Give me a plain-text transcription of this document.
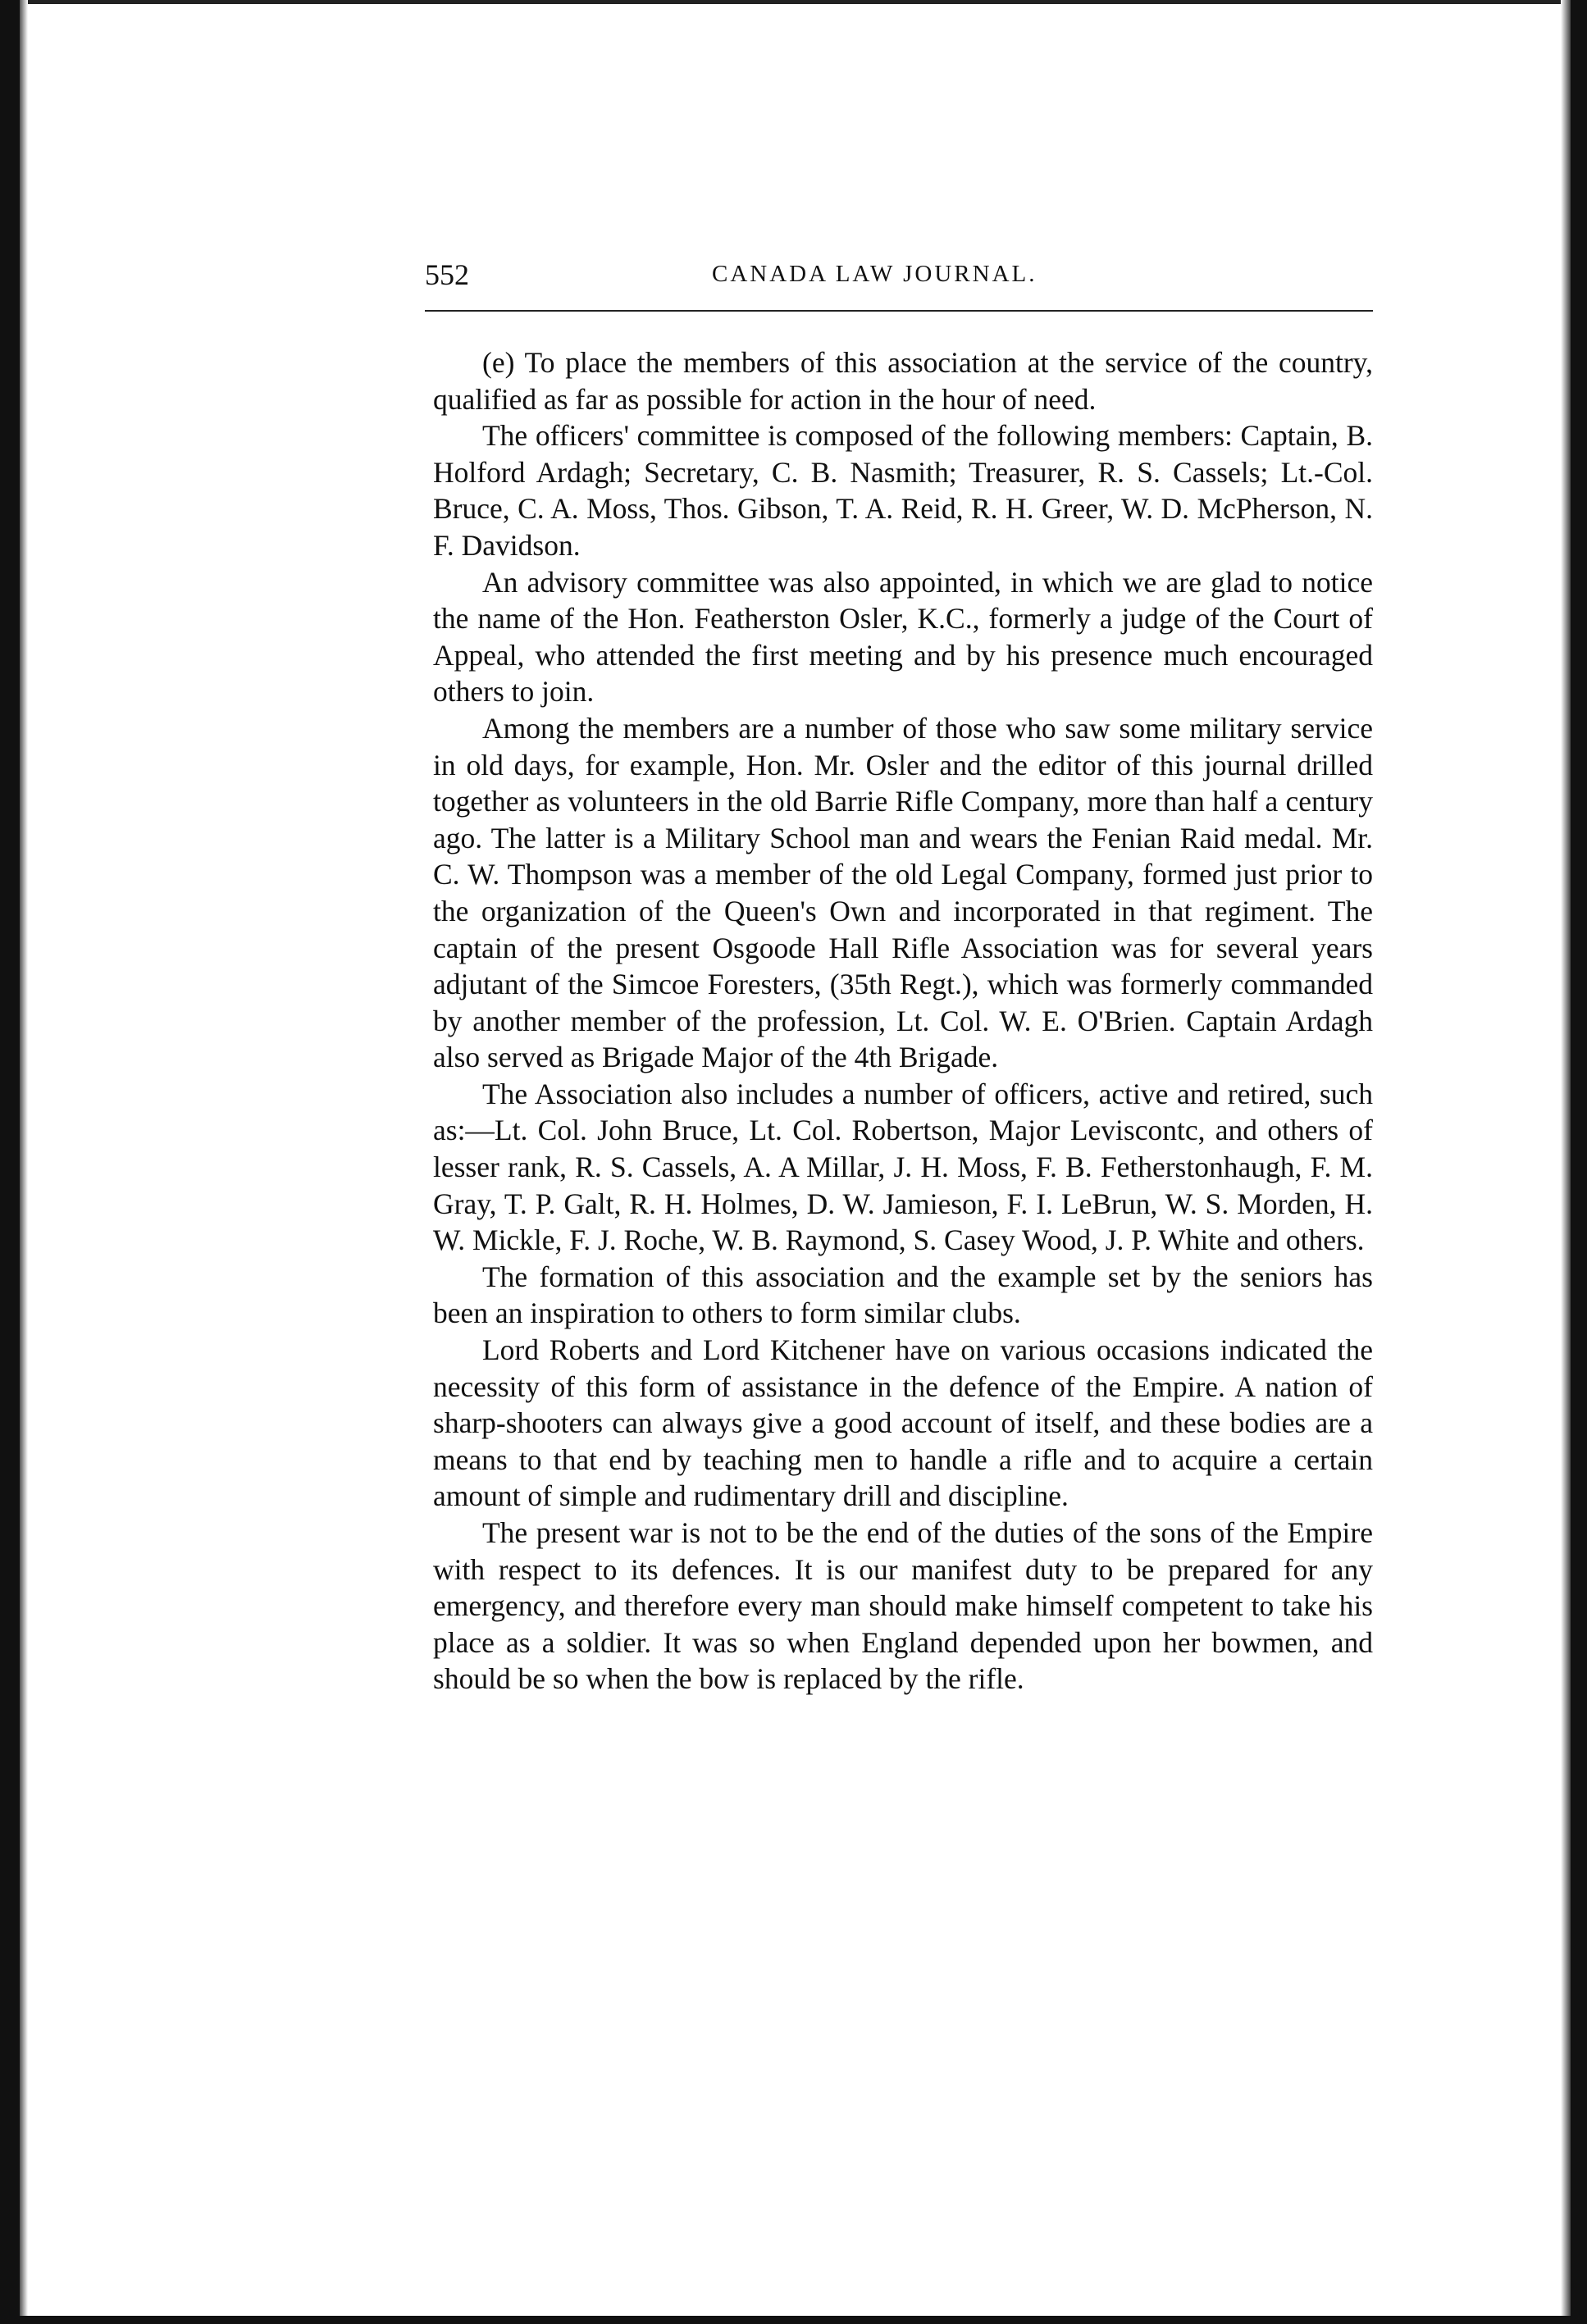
552	CANADA LAW JOURNAL.

(e) To place the members of this association at the service of the country, qualified as far as possible for action in the hour of need.

The officers' committee is composed of the following members: Captain, B. Holford Ardagh; Secretary, C. B. Nasmith; Treasurer, R. S. Cassels; Lt.-Col. Bruce, C. A. Moss, Thos. Gibson, T. A. Reid, R. H. Greer, W. D. McPherson, N. F. Davidson.

An advisory committee was also appointed, in which we are glad to notice the name of the Hon. Featherston Osler, K.C., formerly a judge of the Court of Appeal, who attended the first meeting and by his presence much encouraged others to join.

Among the members are a number of those who saw some military service in old days, for example, Hon. Mr. Osler and the editor of this journal drilled together as volunteers in the old Barrie Rifle Company, more than half a century ago. The latter is a Military School man and wears the Fenian Raid medal. Mr. C. W. Thompson was a member of the old Legal Company, formed just prior to the organization of the Queen's Own and incorporated in that regiment. The captain of the present Osgoode Hall Rifle Association was for several years adjutant of the Simcoe Foresters, (35th Regt.), which was formerly commanded by another member of the profession, Lt. Col. W. E. O'Brien. Captain Ardagh also served as Brigade Major of the 4th Brigade.

The Association also includes a number of officers, active and retired, such as:—Lt. Col. John Bruce, Lt. Col. Robertson, Major Leviscontc, and others of lesser rank, R. S. Cassels, A. A Millar, J. H. Moss, F. B. Fetherstonhaugh, F. M. Gray, T. P. Galt, R. H. Holmes, D. W. Jamieson, F. I. LeBrun, W. S. Morden, H. W. Mickle, F. J. Roche, W. B. Raymond, S. Casey Wood, J. P. White and others.

The formation of this association and the example set by the seniors has been an inspiration to others to form similar clubs.

Lord Roberts and Lord Kitchener have on various occasions indicated the necessity of this form of assistance in the defence of the Empire. A nation of sharp-shooters can always give a good account of itself, and these bodies are a means to that end by teaching men to handle a rifle and to acquire a certain amount of simple and rudimentary drill and discipline.

The present war is not to be the end of the duties of the sons of the Empire with respect to its defences. It is our manifest duty to be prepared for any emergency, and therefore every man should make himself competent to take his place as a soldier. It was so when England depended upon her bowmen, and should be so when the bow is replaced by the rifle.
